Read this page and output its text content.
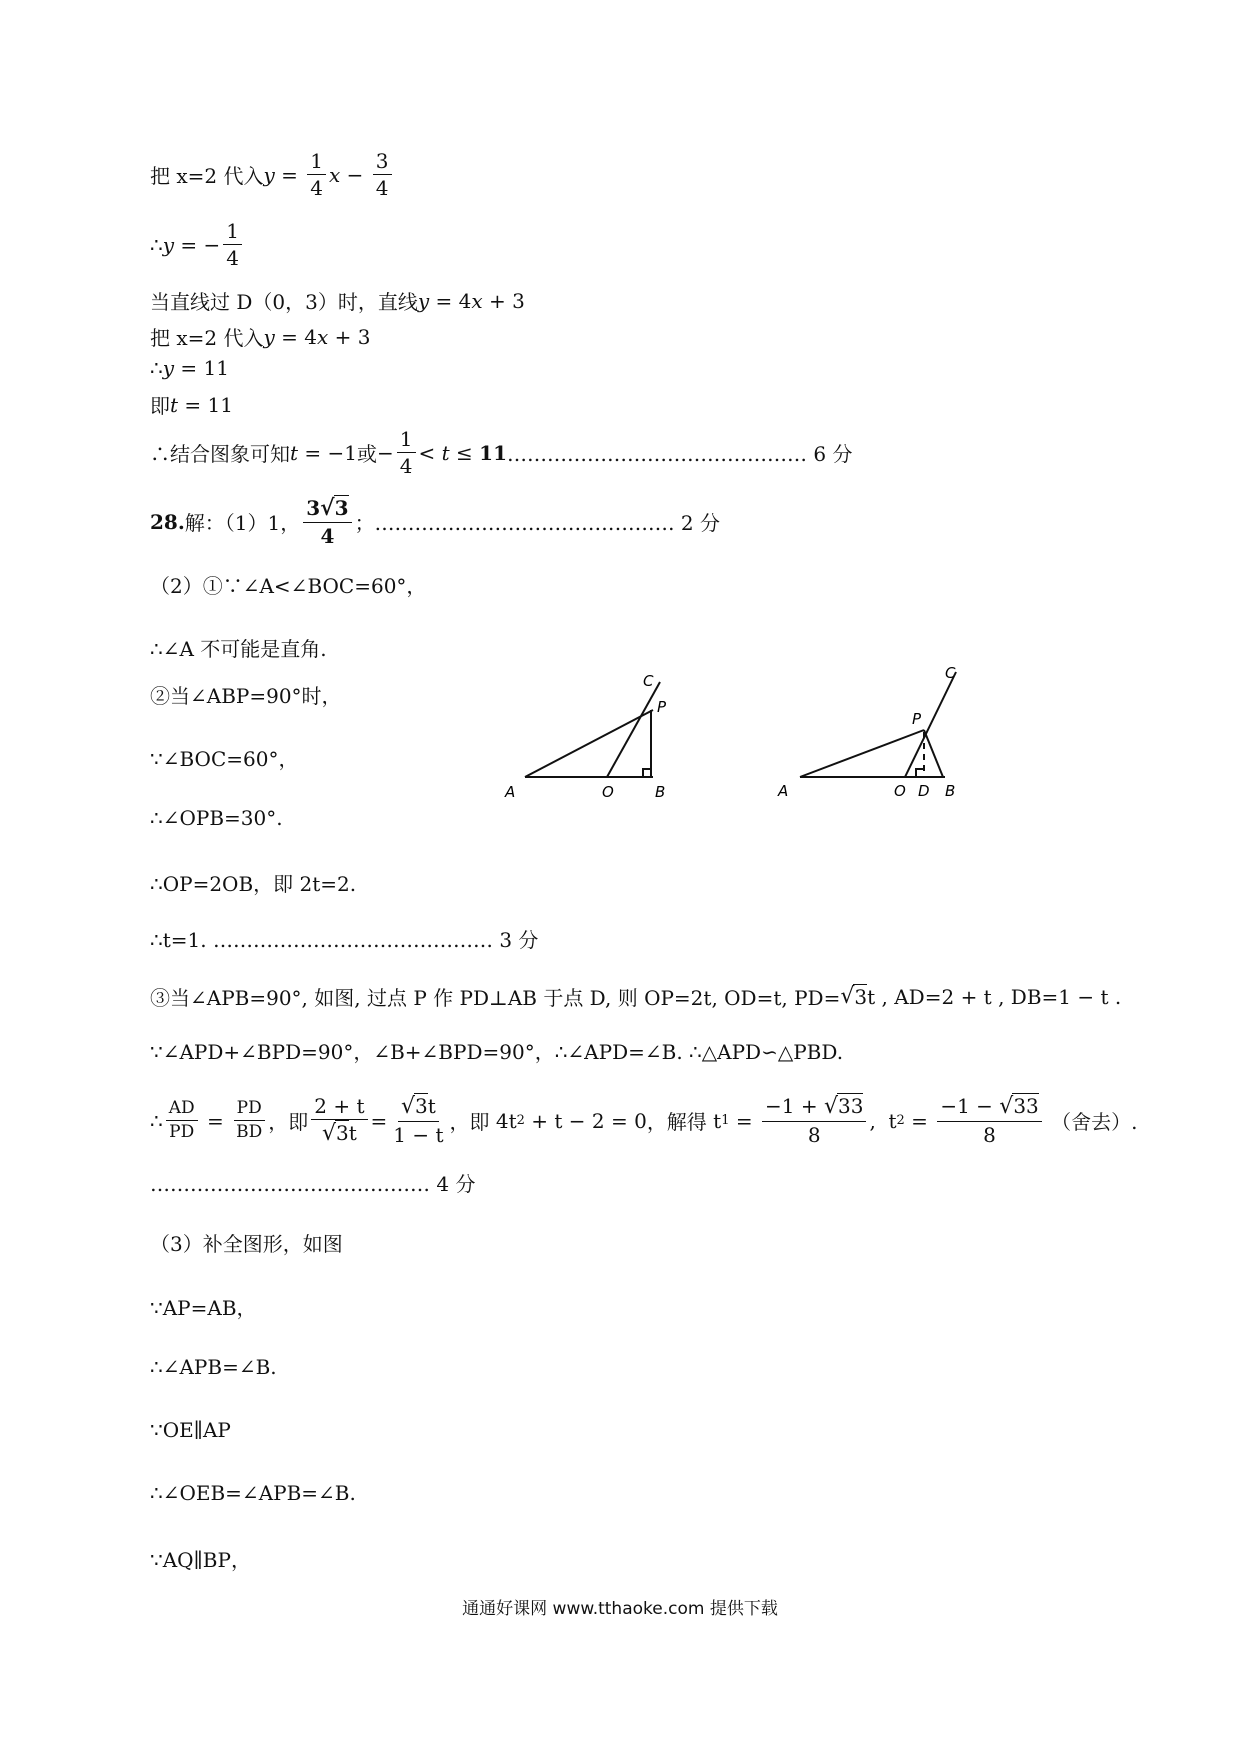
把 x=2 代入 $y = \frac{1}{4}$ $x - \frac{3}{4}$
∴ y = − $\frac{1}{4}$
当直线过 D（0，3）时，直线 y = 4 x + 3
把 x=2 代入 y = 4 x + 3
∴ y = 11
即 t = 11
∴结合图象可知 t = −1 或 − $\frac{1}{4} < t \le 11$ ……………………………………… 6 分
28. 解：（1）1， $\frac{3√3}{4}$ ；……………………………………… 2 分
（2）①∵∠A<∠BOC=60°，
∴∠A 不可能是直角.
②当∠ABP=90°时，
∵∠BOC=60°，
∴∠OPB=30°.
∴OP=2OB，即 2t=2.
∴t=1. …………………………………… 3 分
A	O	B
C
P
A	O D B
C
P
③当∠APB=90°, 如图, 过点 P 作 PD⊥AB 于点 D, 则 OP=2t, OD=t, PD= √ 3 t , AD= 2 + t , DB=1 − t .
∵∠APD+∠BPD=90°，∠B+∠BPD=90°，∴∠APD=∠B. ∴△APD∽△PBD.
∴ $\frac{AD}{PD} = \frac{PD}{BD}$ ，即 $\frac{2 + t}{√3t} = \frac{√3t}{1 - t}$ ，即 4t 2 + t − 2 = 0 ，解得 t $1 = \frac{-1 + √33}{8}$ ,  t $2 = \frac{-1 - √33}{8}$
（舍去）.
…………………………………… 4 分
（3）补全图形，如图
∵AP=AB，
∴∠APB=∠B.
∵OE∥AP
∴∠OEB=∠APB=∠B.
∵AQ∥BP，
通通好课网 www.tthaoke.com 提供下载
